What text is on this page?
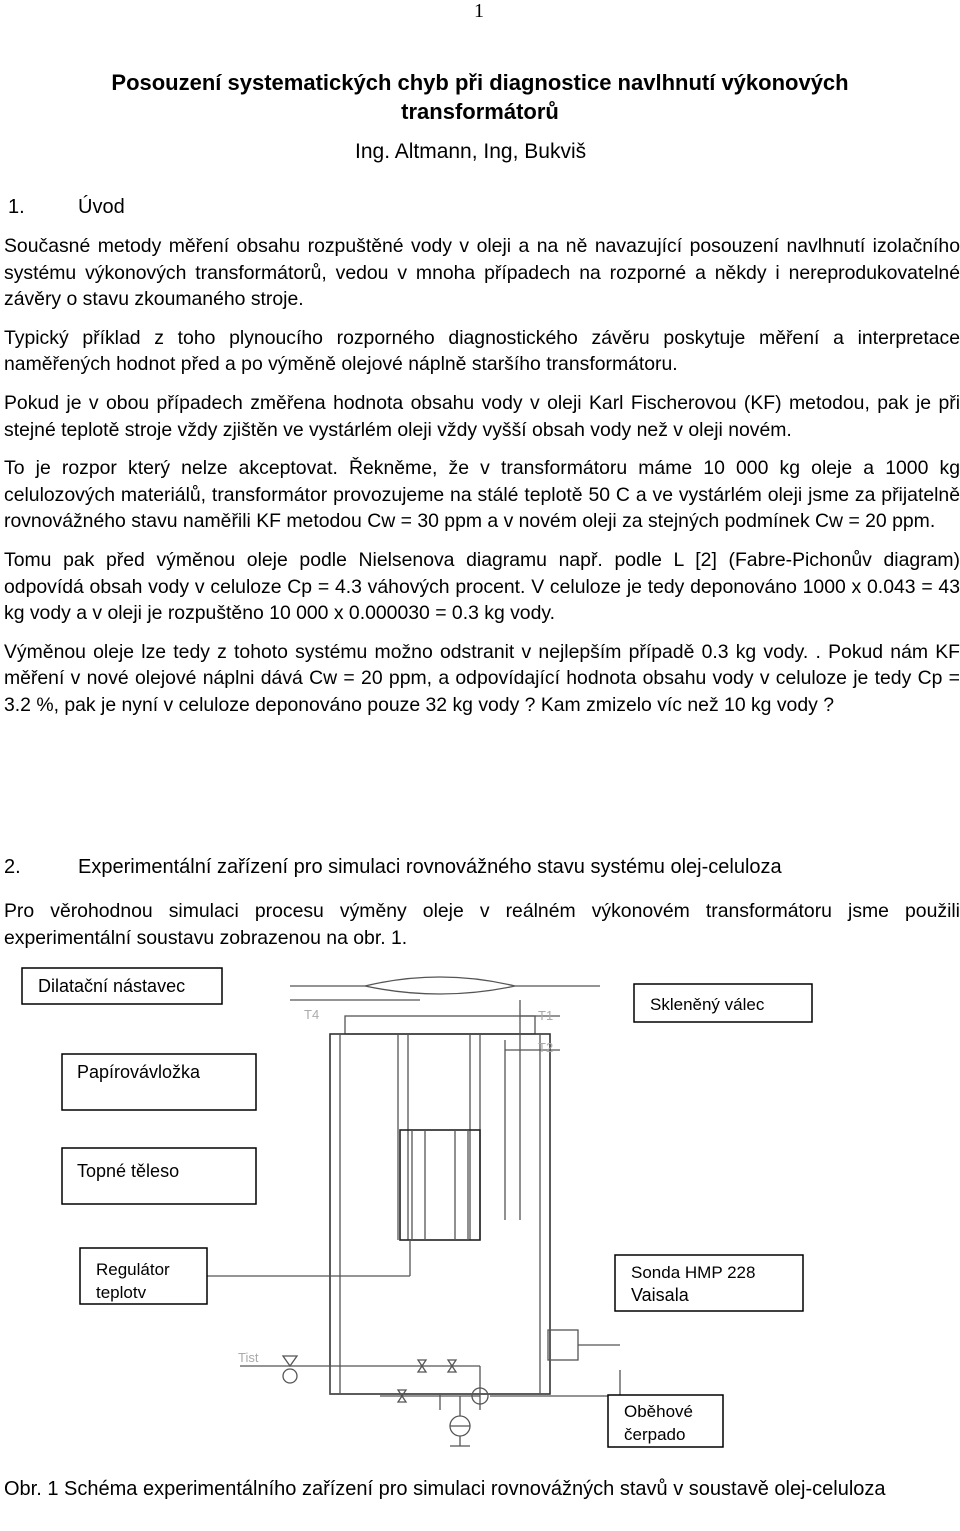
1
Posouzení systematických chyb při diagnostice navlhnutí výkonových transformátorů
Ing. Altmann, Ing, Bukviš
1.	Úvod

Současné metody měření obsahu rozpuštěné vody v oleji a na ně navazující posouzení navlhnutí izolačního systému výkonových transformátorů, vedou v mnoha případech na rozporné a někdy i nereprodukovatelné závěry o stavu zkoumaného stroje.

Typický příklad z toho plynoucího rozporného diagnostického závěru poskytuje měření a interpretace naměřených hodnot před a po výměně olejové náplně staršího transformátoru.

Pokud je v obou případech změřena hodnota obsahu vody v oleji Karl Fischerovou (KF) metodou, pak je při stejné teplotě stroje vždy zjištěn ve vystárlém oleji vždy vyšší obsah vody než v oleji novém.

To je rozpor který nelze akceptovat. Řekněme, že v transformátoru máme 10 000 kg oleje a 1000 kg celulozových materiálů, transformátor provozujeme na stálé teplotě 50 C a ve vystárlém oleji jsme za přijatelně rovnovážného stavu naměřili KF metodou Cw = 30 ppm a v novém oleji za stejných podmínek Cw = 20 ppm.

Tomu pak před výměnou oleje podle Nielsenova diagramu např. podle L [2] (Fabre-Pichonův diagram) odpovídá obsah vody v celuloze Cp = 4.3 váhových procent. V celuloze je tedy deponováno 1000 x 0.043 = 43 kg vody a v oleji je rozpuštěno 10 000 x 0.000030 = 0.3 kg vody.

Výměnou oleje lze tedy z tohoto systému možno odstranit v nejlepším případě 0.3 kg vody. . Pokud nám KF měření v nové olejové náplni dává Cw = 20 ppm, a odpovídající hodnota obsahu vody v celuloze je tedy Cp = 3.2 %, pak je nyní v celuloze deponováno pouze 32 kg vody ? Kam zmizelo víc než 10 kg vody ?

2.	Experimentální zařízení pro simulaci rovnovážného stavu systému olej-celuloza

Pro věrohodnou simulaci procesu výměny oleje v reálném výkonovém transformátoru jsme použili experimentální soustavu zobrazenou na obr. 1.

Dilatační nástavec
Skleněný válec
Papírovávložka
Topné těleso
Regulátor
teplotv
Sonda HMP 228
Vaisala
Oběhové
čerpado
T4	T1
T2
Tist
Obr. 1 Schéma experimentálního zařízení pro simulaci rovnovážných stavů v soustavě olej-celuloza
